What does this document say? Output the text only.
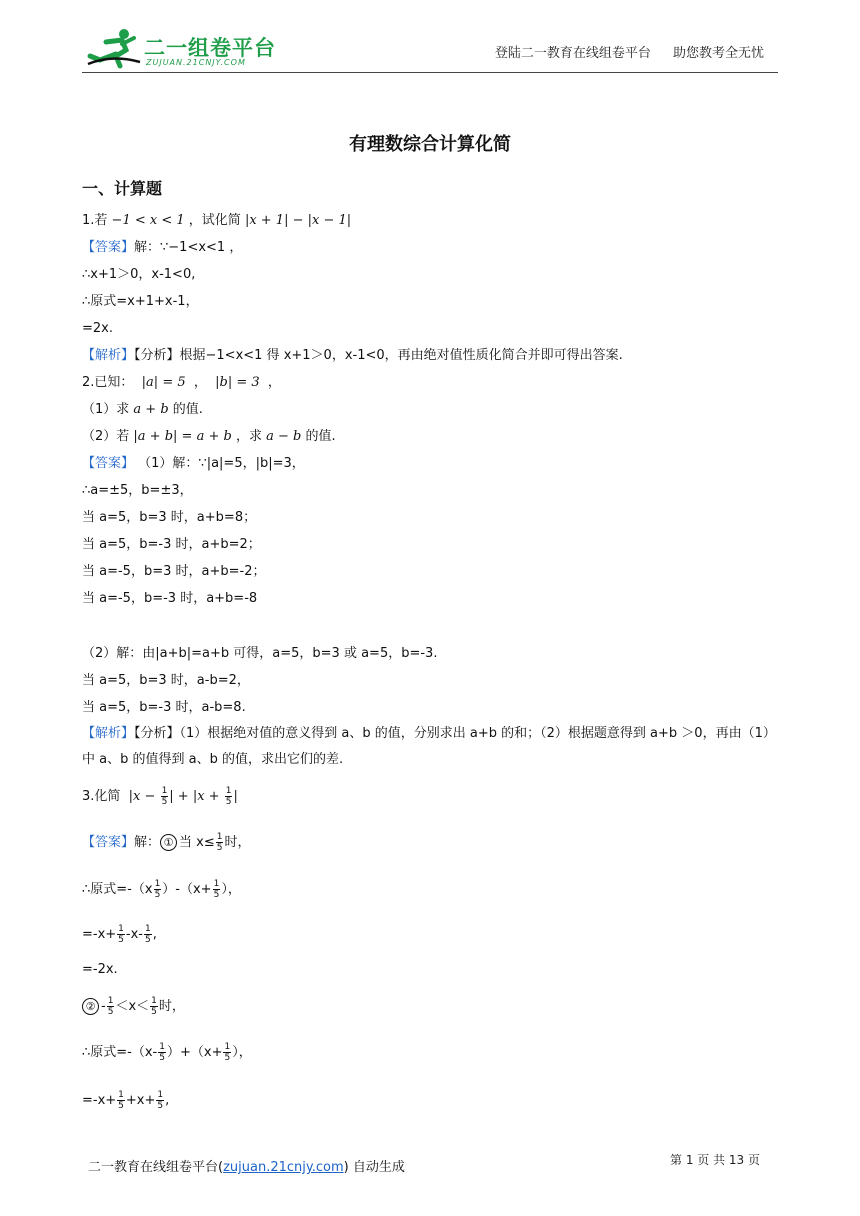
二一组卷平台
ZUJUAN.21CNJY.COM
登陆二一教育在线组卷平台 助您教考全无忧
有理数综合计算化简
一、计算题
1.若 −1 < x < 1 ，试化简 |x + 1| − |x − 1|
【答案】解：∵−1<x<1 ，
∴x+1＞0，x-1<0,
∴原式=x+1+x-1，
=2x.
【解析】【分析】根据−1<x<1 得 x+1＞0，x-1<0，再由绝对值性质化简合并即可得出答案.
2.已知： |a| = 5  ，  |b| = 3  ，
（1）求 a + b 的值.
（2）若 |a + b| = a + b ，求 a − b 的值.
【答案】 （1）解：∵|a|=5，|b|=3，
∴a=±5，b=±3，
当 a=5，b=3 时，a+b=8；
当 a=5，b=-3 时，a+b=2；
当 a=-5，b=3 时，a+b=-2；
当 a=-5，b=-3 时，a+b=-8
（2）解：由|a+b|=a+b 可得，a=5，b=3 或 a=5，b=-3.
当 a=5，b=3 时，a-b=2，
当 a=5，b=-3 时，a-b=8.
【解析】【分析】（1）根据绝对值的意义得到 a、b 的值，分别求出 a+b 的和；（2）根据题意得到 a+b ＞0，再由（1）中 a、b 的值得到 a、b 的值，求出它们的差.
3.化简 $|x - \frac{1}{5}$ | + $|x + \frac{1}{5}$ |
【答案】解： ① 当 $x\le \frac{1}{5}$ 时，
∴原式$=-(x \frac{1}{5} )-(x+ \frac{1}{5}$ ），
$=-x+ \frac{1}{5} -x- \frac{1}{5}$ ,
=-2x.
② - $\frac{1}{5} <x< \frac{1}{5}$ 时，
∴原式$=-(x- \frac{1}{5} )+(x+ \frac{1}{5}$ ），
$=-x+ \frac{1}{5} +x+ \frac{1}{5}$ ,
二一教育在线组卷平台(zujuan.21cnjy.com) 自动生成	第 1 页 共 13 页
